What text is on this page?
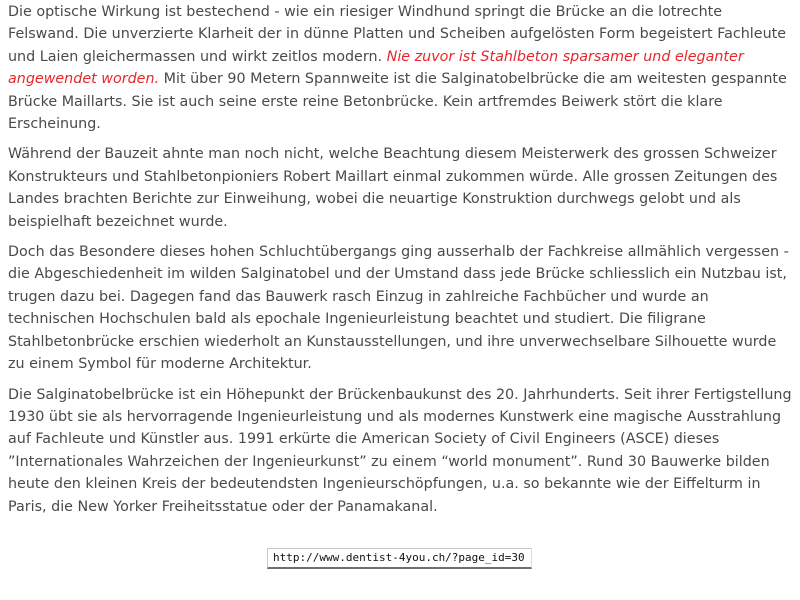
Die optische Wirkung ist bestechend - wie ein riesiger Windhund springt die Brücke an die lotrechte Felswand. Die unverzierte Klarheit der in dünne Platten und Scheiben aufgelösten Form begeistert Fachleute und Laien gleichermassen und wirkt zeitlos modern. Nie zuvor ist Stahlbeton sparsamer und eleganter angewendet worden. Mit über 90 Metern Spannweite ist die Salginatobelbrücke die am weitesten gespannte Brücke Maillarts. Sie ist auch seine erste reine Betonbrücke. Kein artfremdes Beiwerk stört die klare Erscheinung.

Während der Bauzeit ahnte man noch nicht, welche Beachtung diesem Meisterwerk des grossen Schweizer Konstrukteurs und Stahlbetonpioniers Robert Maillart einmal zukommen würde. Alle grossen Zeitungen des Landes brachten Berichte zur Einweihung, wobei die neuartige Konstruktion durchwegs gelobt und als beispielhaft bezeichnet wurde.

Doch das Besondere dieses hohen Schluchtübergangs ging ausserhalb der Fachkreise allmählich vergessen - die Abgeschiedenheit im wilden Salginatobel und der Umstand dass jede Brücke schliesslich ein Nutzbau ist, trugen dazu bei. Dagegen fand das Bauwerk rasch Einzug in zahlreiche Fachbücher und wurde an technischen Hochschulen bald als epochale Ingenieurleistung beachtet und studiert. Die filigrane Stahlbetonbrücke erschien wiederholt an Kunstausstellungen, und ihre unverwechselbare Silhouette wurde zu einem Symbol für moderne Architektur.

Die Salginatobelbrücke ist ein Höhepunkt der Brückenbaukunst des 20. Jahrhunderts. Seit ihrer Fertigstellung 1930 übt sie als hervorragende Ingenieurleistung und als modernes Kunstwerk eine magische Ausstrahlung auf Fachleute und Künstler aus. 1991 erkürte die American Society of Civil Engineers (ASCE) dieses ”Internationales Wahrzeichen der Ingenieurkunst” zu einem “world monument”. Rund 30 Bauwerke bilden heute den kleinen Kreis der bedeutendsten Ingenieurschöpfungen, u.a. so bekannte wie der Eiffelturm in Paris, die New Yorker Freiheitsstatue oder der Panamakanal.

http://www.dentist-4you.ch/?page_id=30
